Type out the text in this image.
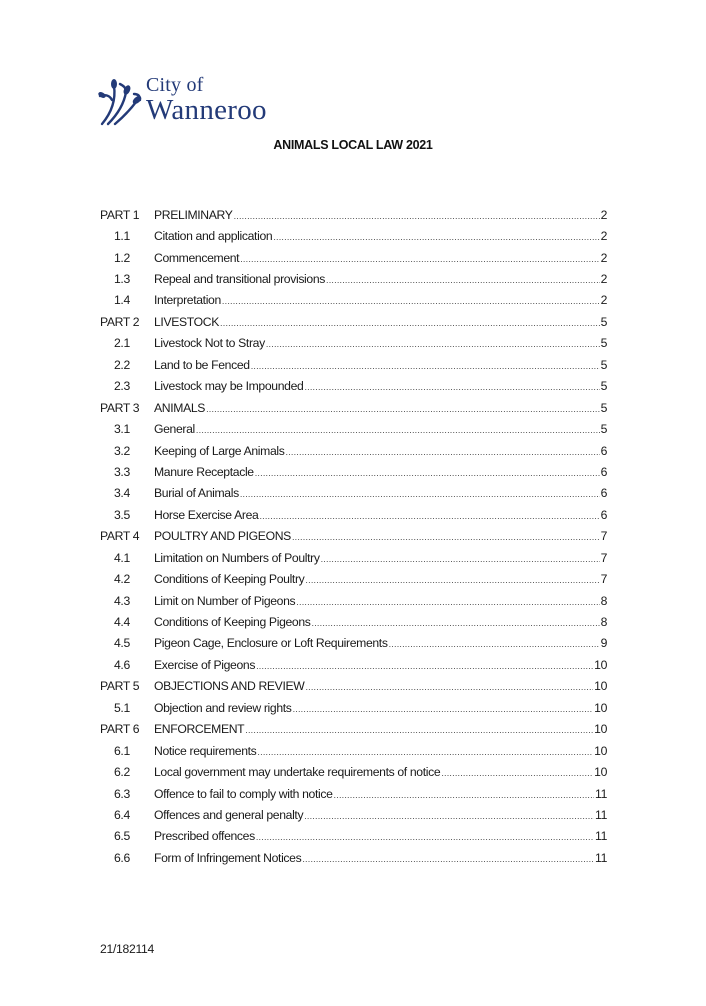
City of
Wanneroo
ANIMALS LOCAL LAW 2021
PART 1	PRELIMINARY .....	2
1.1	Citation and application .....	2
1.2	Commencement .....	2
1.3	Repeal and transitional provisions .....	2
1.4	Interpretation .....	2
PART 2	LIVESTOCK .....	5
2.1	Livestock Not to Stray .....	5
2.2	Land to be Fenced .....	5
2.3	Livestock may be Impounded .....	5
PART 3	ANIMALS .....	5
3.1	General .....	5
3.2	Keeping of Large Animals .....	6
3.3	Manure Receptacle .....	6
3.4	Burial of Animals .....	6
3.5	Horse Exercise Area .....	6
PART 4	POULTRY AND PIGEONS .....	7
4.1	Limitation on Numbers of Poultry .....	7
4.2	Conditions of Keeping Poultry .....	7
4.3	Limit on Number of Pigeons .....	8
4.4	Conditions of Keeping Pigeons .....	8
4.5	Pigeon Cage, Enclosure or Loft Requirements .....	9
4.6	Exercise of Pigeons .....	10
PART 5	OBJECTIONS AND REVIEW .....	10
5.1	Objection and review rights .....	10
PART 6	ENFORCEMENT .....	10
6.1	Notice requirements .....	10
6.2	Local government may undertake requirements of notice .....	10
6.3	Offence to fail to comply with notice .....	11
6.4	Offences and general penalty .....	11
6.5	Prescribed offences .....	11
6.6	Form of Infringement Notices .....	11
21/182114
